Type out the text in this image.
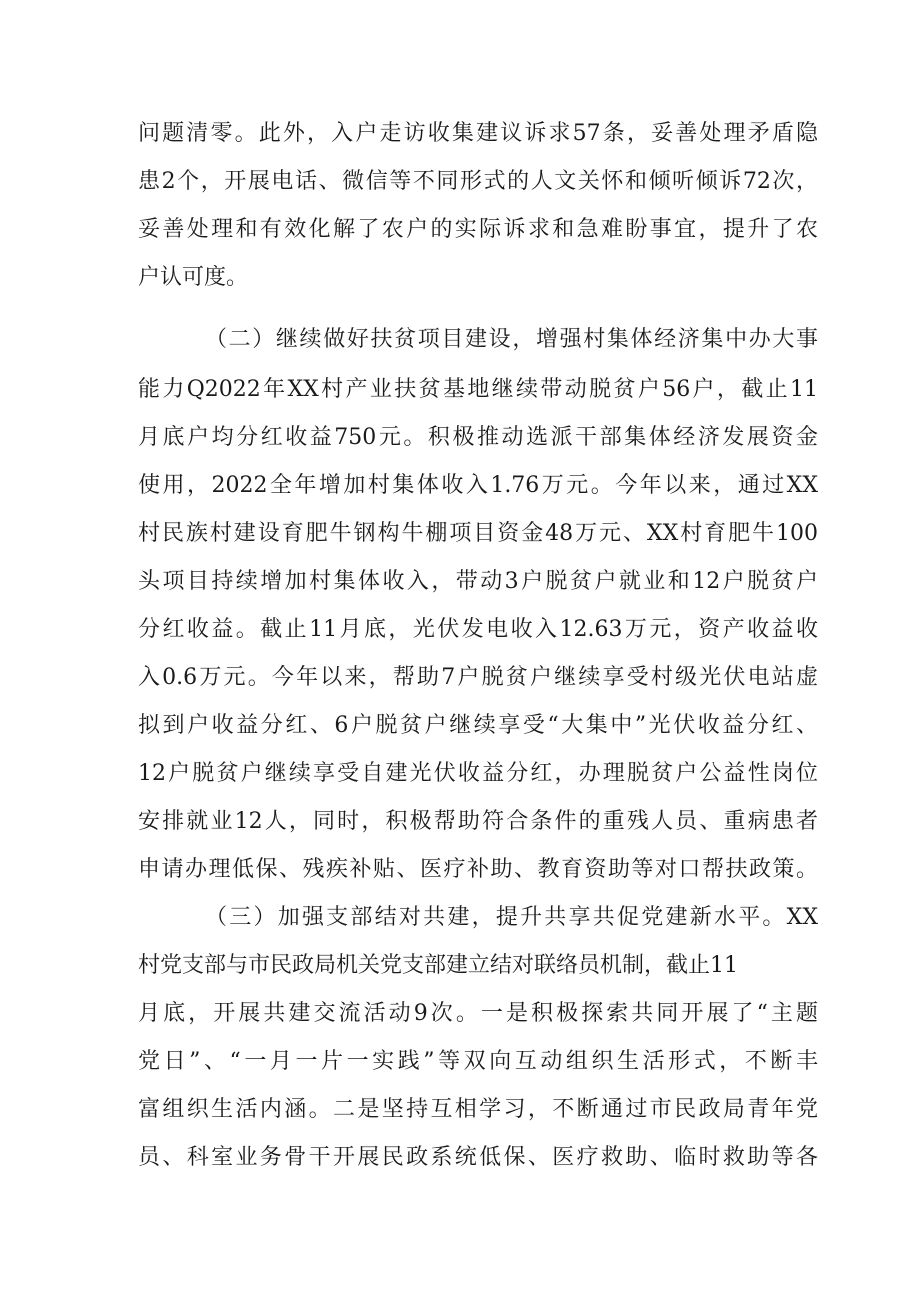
问题清零。此外，入户走访收集建议诉求57条，妥善处理矛盾隐
患2个，开展电话、微信等不同形式的人文关怀和倾听倾诉72次，
妥善处理和有效化解了农户的实际诉求和急难盼事宜，提升了农
户认可度。
（二）继续做好扶贫项目建设，增强村集体经济集中办大事
能力Q2022年XX村产业扶贫基地继续带动脱贫户56户，截止11
月底户均分红收益750元。积极推动选派干部集体经济发展资金
使用，2022全年增加村集体收入1.76万元。今年以来，通过XX
村民族村建设育肥牛钢构牛棚项目资金48万元、XX村育肥牛100
头项目持续增加村集体收入，带动3户脱贫户就业和12户脱贫户
分红收益。截止11月底，光伏发电收入12.63万元，资产收益收
入0.6万元。今年以来，帮助7户脱贫户继续享受村级光伏电站虚
拟到户收益分红、6户脱贫户继续享受“大集中”光伏收益分红、
12户脱贫户继续享受自建光伏收益分红，办理脱贫户公益性岗位
安排就业12人，同时，积极帮助符合条件的重残人员、重病患者
申请办理低保、残疾补贴、医疗补助、教育资助等对口帮扶政策。
（三）加强支部结对共建，提升共享共促党建新水平。XX
村党支部与市民政局机关党支部建立结对联络员机制，截止11
月底，开展共建交流活动9次。一是积极探索共同开展了“主题
党日”、“一月一片一实践”等双向互动组织生活形式，不断丰
富组织生活内涵。二是坚持互相学习，不断通过市民政局青年党
员、科室业务骨干开展民政系统低保、医疗救助、临时救助等各
